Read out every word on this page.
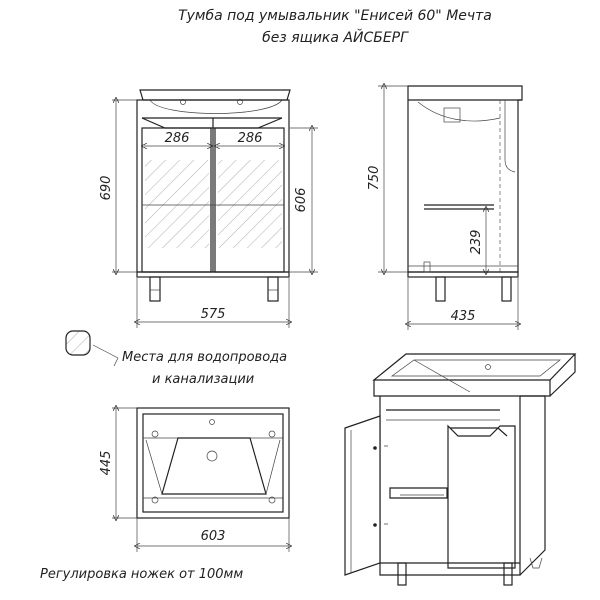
Тумба под умывальник "Енисей 60" Мечта
без ящика АЙСБЕРГ
286	286
690	606
575
750
239
435
Места для водопровода
и канализации
445
603
Регулировка ножек от 100мм
